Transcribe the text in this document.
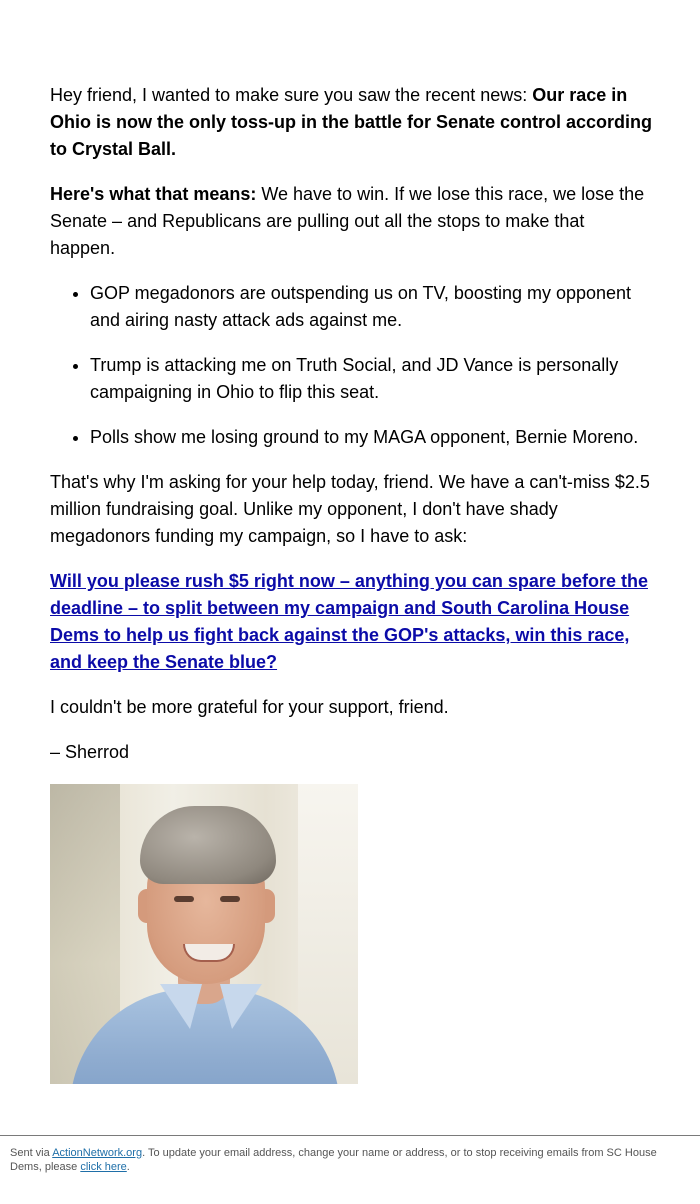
Hey friend, I wanted to make sure you saw the recent news: Our race in Ohio is now the only toss-up in the battle for Senate control according to Crystal Ball.

Here's what that means: We have to win. If we lose this race, we lose the Senate – and Republicans are pulling out all the stops to make that happen.

• GOP megadonors are outspending us on TV, boosting my opponent and airing nasty attack ads against me.
• Trump is attacking me on Truth Social, and JD Vance is personally campaigning in Ohio to flip this seat.
• Polls show me losing ground to my MAGA opponent, Bernie Moreno.

That's why I'm asking for your help today, friend. We have a can't-miss $2.5 million fundraising goal. Unlike my opponent, I don't have shady megadonors funding my campaign, so I have to ask:

Will you please rush $5 right now – anything you can spare before the deadline – to split between my campaign and South Carolina House Dems to help us fight back against the GOP's attacks, win this race, and keep the Senate blue?

I couldn't be more grateful for your support, friend.

– Sherrod

Sent via ActionNetwork.org. To update your email address, change your name or address, or to stop receiving emails from SC House Dems, please click here.
